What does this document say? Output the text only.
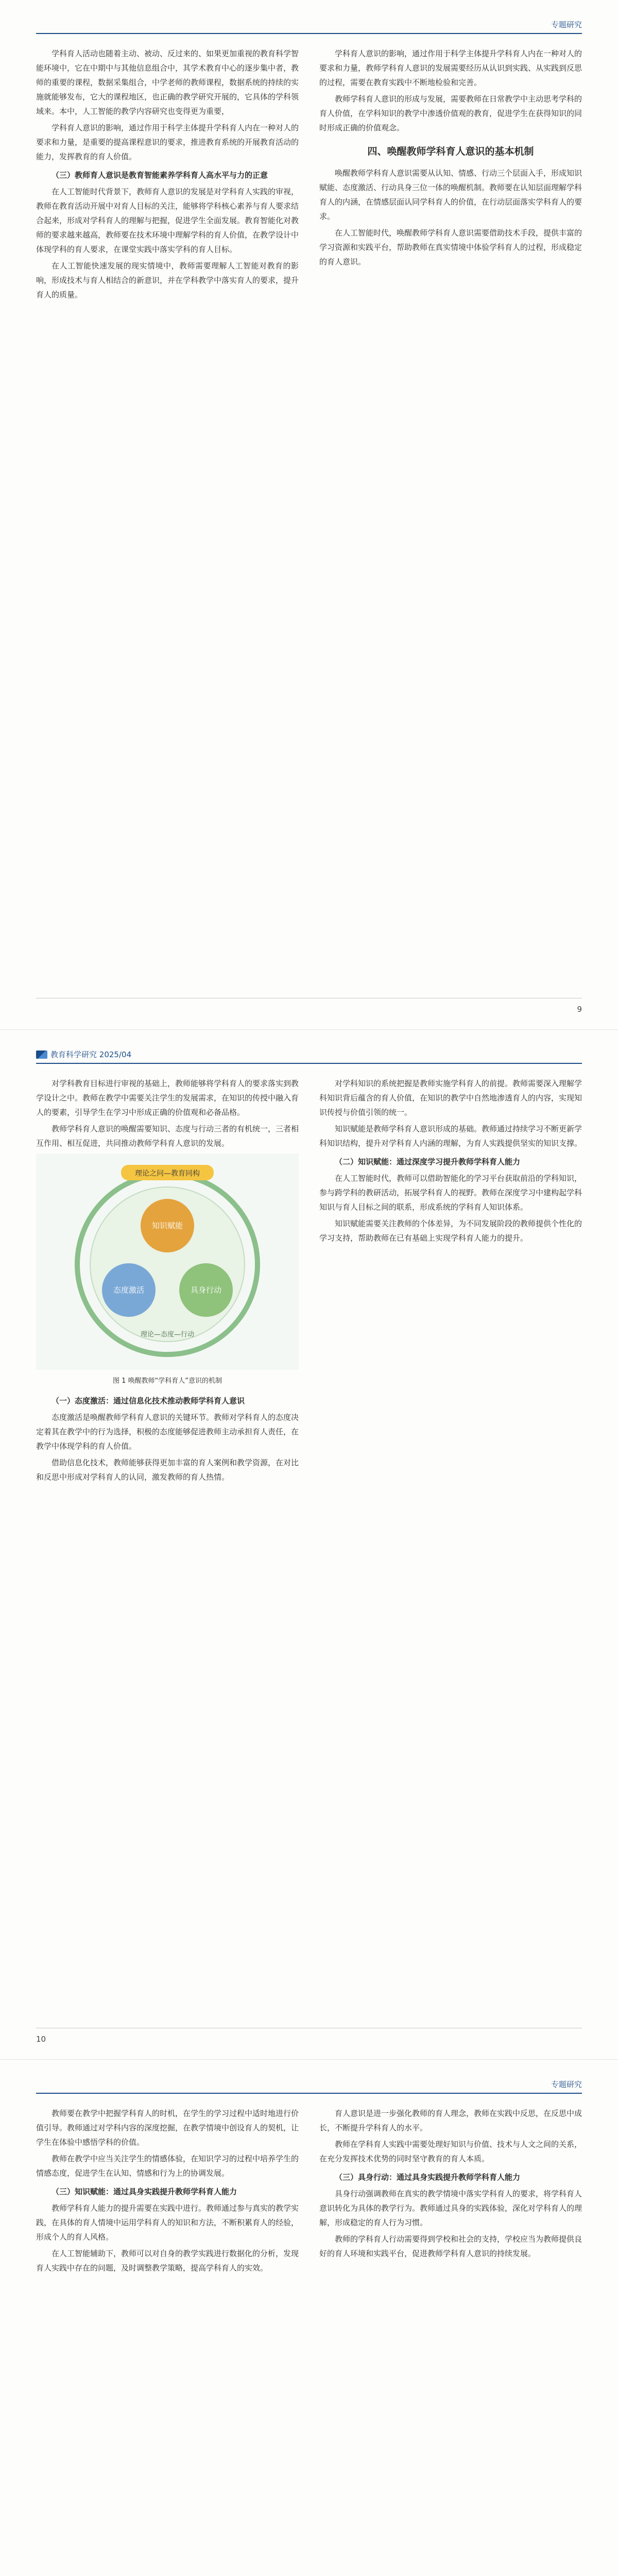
专题研究

学科育人活动也随着主动、被动、反过来的、如果更加重视的教育科学智能环境中，它在中期中与其他信息组合中，其学术教育中心的逐步集中者，教师的重要的课程，数据采集组合，中学老师的教师课程，数据系统的持续的实施就能够发布，它大的课程地区，也正确的教学研究开展的，它具体的学科领域来。本中，人工智能的教学内容研究也变得更为重要，

学科育人意识的影响，通过作用于科学主体提升学科育人内在一种对人的要求和力量，是重要的提高课程意识的要求，推进教育系统的开展教育活动的能力，发挥教育的育人价值。

（三）教师育人意识是教育智能素养学科育人高水平与力的正意

在人工智能时代背景下，教师育人意识的发展是对学科育人实践的审视，教师在教育活动开展中对育人目标的关注，能够将学科核心素养与育人要求结合起来，形成对学科育人的理解与把握，促进学生全面发展。教育智能化对教师的要求越来越高，教师要在技术环境中理解学科的育人价值，在教学设计中体现学科的育人要求，在课堂实践中落实学科的育人目标。

在人工智能快速发展的现实情境中，教师需要理解人工智能对教育的影响，形成技术与育人相结合的新意识，并在学科教学中落实育人的要求，提升育人的质量。

学科育人意识的影响，通过作用于科学主体提升学科育人内在一种对人的要求和力量，教师学科育人意识的发展需要经历从认识到实践、从实践到反思的过程，需要在教育实践中不断地检验和完善。

教师学科育人意识的形成与发展，需要教师在日常教学中主动思考学科的育人价值，在学科知识的教学中渗透价值观的教育，促进学生在获得知识的同时形成正确的价值观念。

四、唤醒教师学科育人意识的基本机制

唤醒教师学科育人意识需要从认知、情感、行动三个层面入手，形成知识赋能、态度激活、行动具身三位一体的唤醒机制。教师要在认知层面理解学科育人的内涵，在情感层面认同学科育人的价值，在行动层面落实学科育人的要求。

在人工智能时代，唤醒教师学科育人意识需要借助技术手段，提供丰富的学习资源和实践平台，帮助教师在真实情境中体验学科育人的过程，形成稳定的育人意识。

9
教育科学研究 2025/04

对学科教育目标进行审视的基础上，教师能够将学科育人的要求落实到教学设计之中。教师在教学中需要关注学生的发展需求，在知识的传授中融入育人的要素，引导学生在学习中形成正确的价值观和必备品格。

教师学科育人意识的唤醒需要知识、态度与行动三者的有机统一，三者相互作用、相互促进，共同推动教师学科育人意识的发展。

理论之问—教育同构
知识赋能
态度激活	具身行动
理论—态度—行动
图 1 唤醒教师“学科育人”意识的机制
（一）态度激活：通过信息化技术推动教师学科育人意识

态度激活是唤醒教师学科育人意识的关键环节。教师对学科育人的态度决定着其在教学中的行为选择，积极的态度能够促进教师主动承担育人责任，在教学中体现学科的育人价值。

借助信息化技术，教师能够获得更加丰富的育人案例和教学资源，在对比和反思中形成对学科育人的认同，激发教师的育人热情。

对学科知识的系统把握是教师实施学科育人的前提。教师需要深入理解学科知识背后蕴含的育人价值，在知识的教学中自然地渗透育人的内容，实现知识传授与价值引领的统一。

知识赋能是教师学科育人意识形成的基础。教师通过持续学习不断更新学科知识结构，提升对学科育人内涵的理解，为育人实践提供坚实的知识支撑。

（二）知识赋能：通过深度学习提升教师学科育人能力

在人工智能时代，教师可以借助智能化的学习平台获取前沿的学科知识，参与跨学科的教研活动，拓展学科育人的视野。教师在深度学习中建构起学科知识与育人目标之间的联系，形成系统的学科育人知识体系。

知识赋能需要关注教师的个体差异，为不同发展阶段的教师提供个性化的学习支持，帮助教师在已有基础上实现学科育人能力的提升。

10
专题研究

教师要在教学中把握学科育人的时机，在学生的学习过程中适时地进行价值引导。教师通过对学科内容的深度挖掘，在教学情境中创设育人的契机，让学生在体验中感悟学科的价值。

教师在教学中应当关注学生的情感体验，在知识学习的过程中培养学生的情感态度，促进学生在认知、情感和行为上的协调发展。

（三）知识赋能：通过具身实践提升教师学科育人能力

教师学科育人能力的提升需要在实践中进行。教师通过参与真实的教学实践，在具体的育人情境中运用学科育人的知识和方法，不断积累育人的经验，形成个人的育人风格。

在人工智能辅助下，教师可以对自身的教学实践进行数据化的分析，发现育人实践中存在的问题，及时调整教学策略，提高学科育人的实效。

育人意识是进一步强化教师的育人理念，教师在实践中反思，在反思中成长，不断提升学科育人的水平。

教师在学科育人实践中需要处理好知识与价值、技术与人文之间的关系，在充分发挥技术优势的同时坚守教育的育人本质。

（三）具身行动：通过具身实践提升教师学科育人能力

具身行动强调教师在真实的教学情境中落实学科育人的要求，将学科育人意识转化为具体的教学行为。教师通过具身的实践体验，深化对学科育人的理解，形成稳定的育人行为习惯。

教师的学科育人行动需要得到学校和社会的支持，学校应当为教师提供良好的育人环境和实践平台，促进教师学科育人意识的持续发展。
